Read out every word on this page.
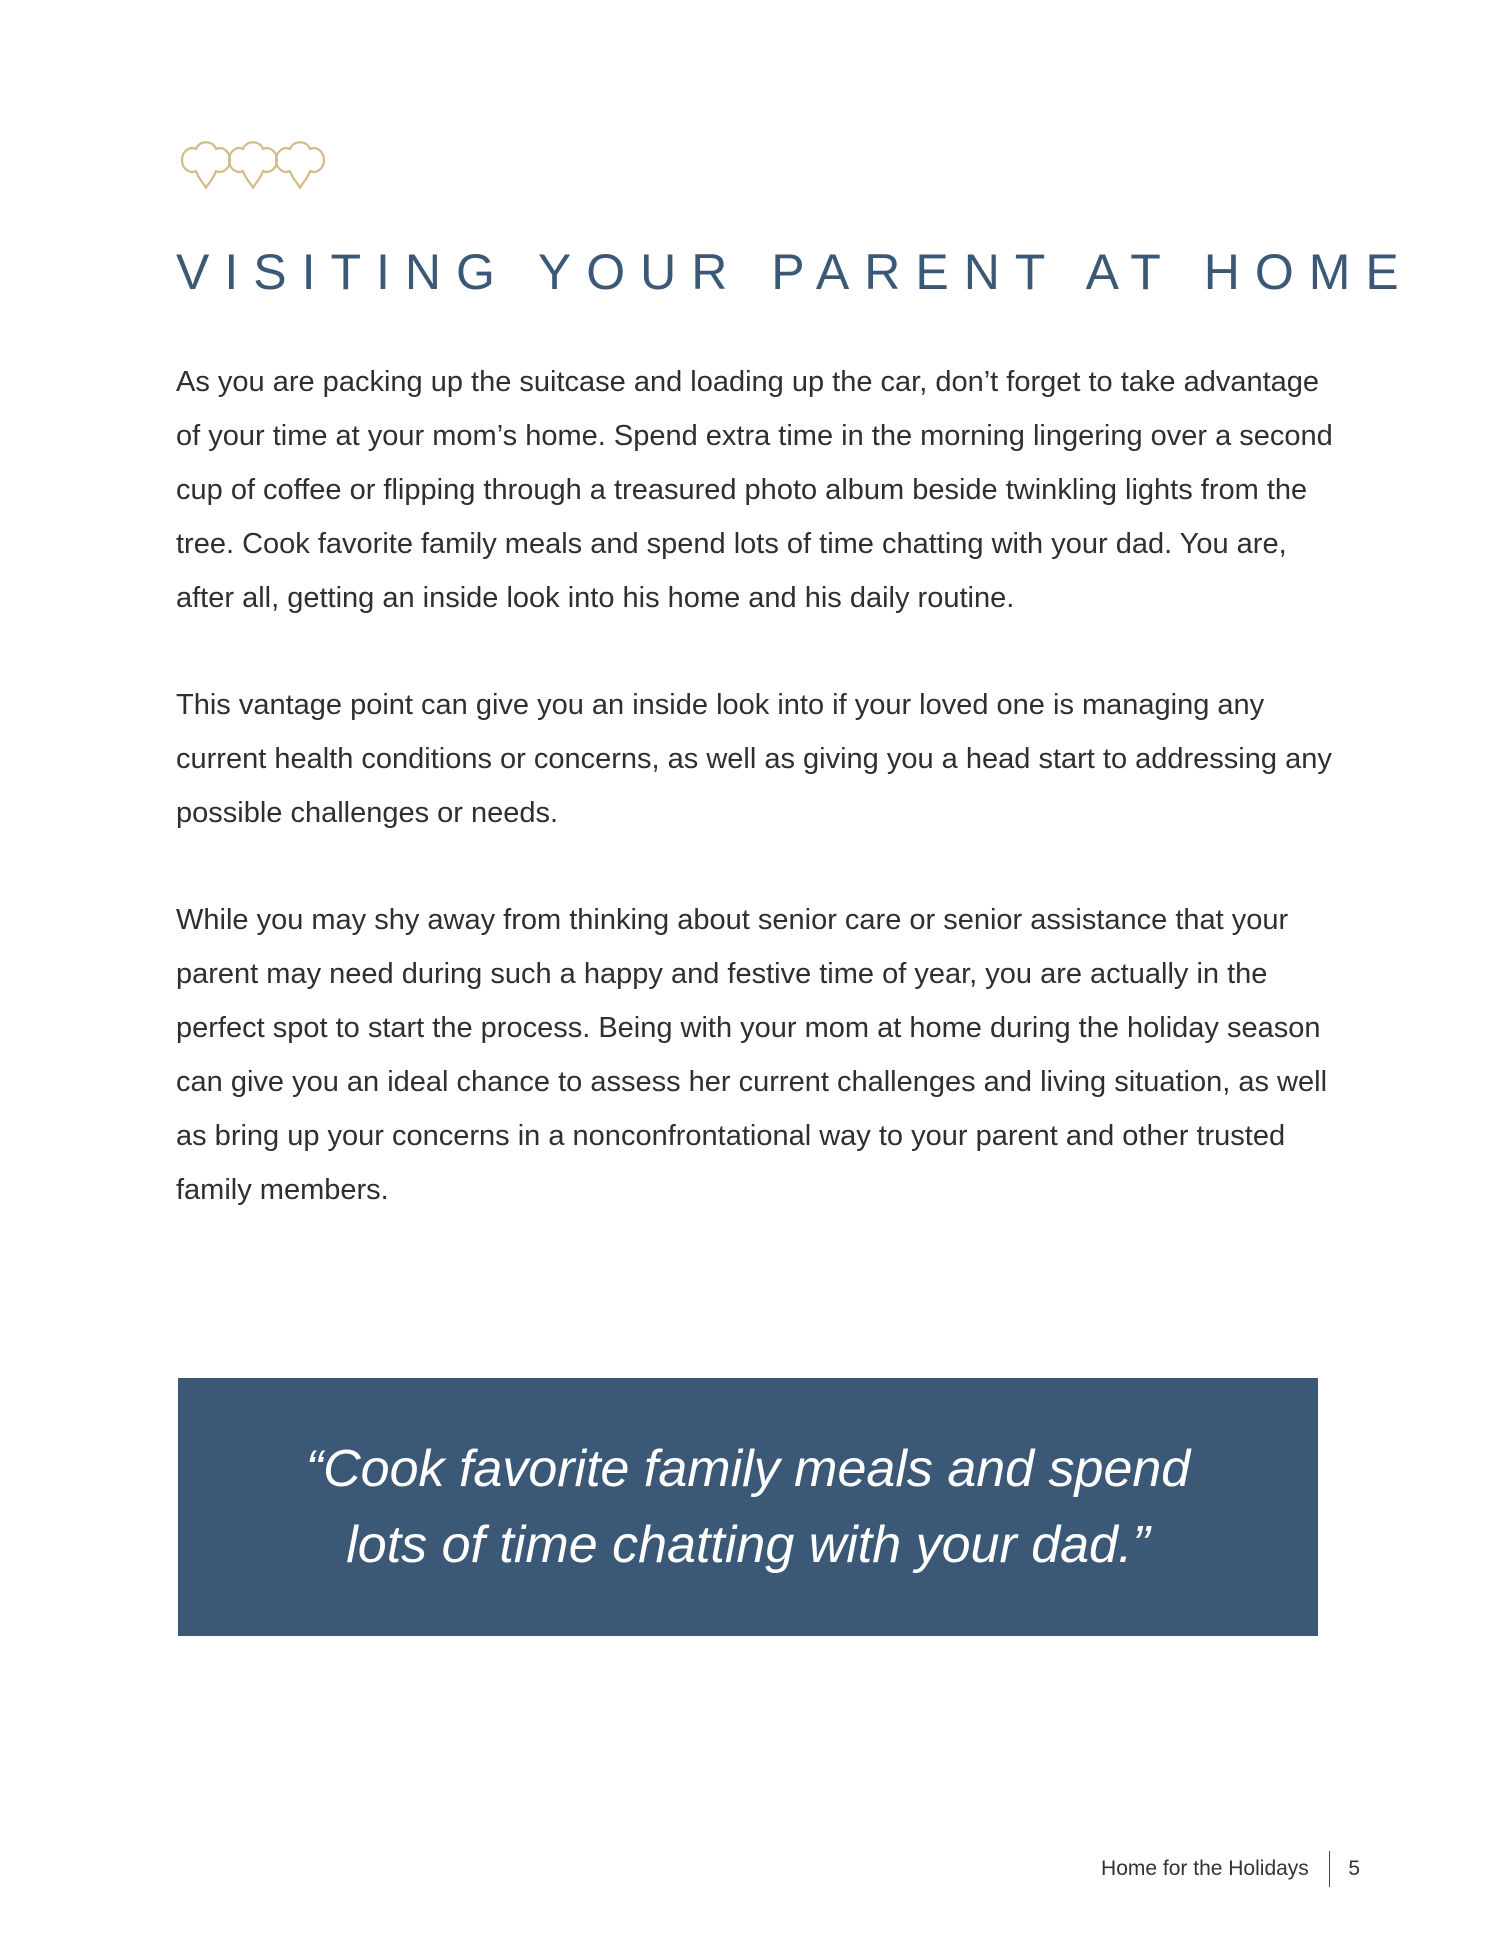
VISITING YOUR PARENT AT HOME

As you are packing up the suitcase and loading up the car, don’t forget to take advantage of your time at your mom’s home. Spend extra time in the morning lingering over a second cup of coffee or flipping through a treasured photo album beside twinkling lights from the tree. Cook favorite family meals and spend lots of time chatting with your dad. You are, after all, getting an inside look into his home and his daily routine.

This vantage point can give you an inside look into if your loved one is managing any current health conditions or concerns, as well as giving you a head start to addressing any possible challenges or needs.

While you may shy away from thinking about senior care or senior assistance that your parent may need during such a happy and festive time of year, you are actually in the perfect spot to start the process. Being with your mom at home during the holiday season can give you an ideal chance to assess her current challenges and living situation, as well as bring up your concerns in a nonconfrontational way to your parent and other trusted family members.

“Cook favorite family meals and spend lots of time chatting with your dad.”

Home for the Holidays 5
